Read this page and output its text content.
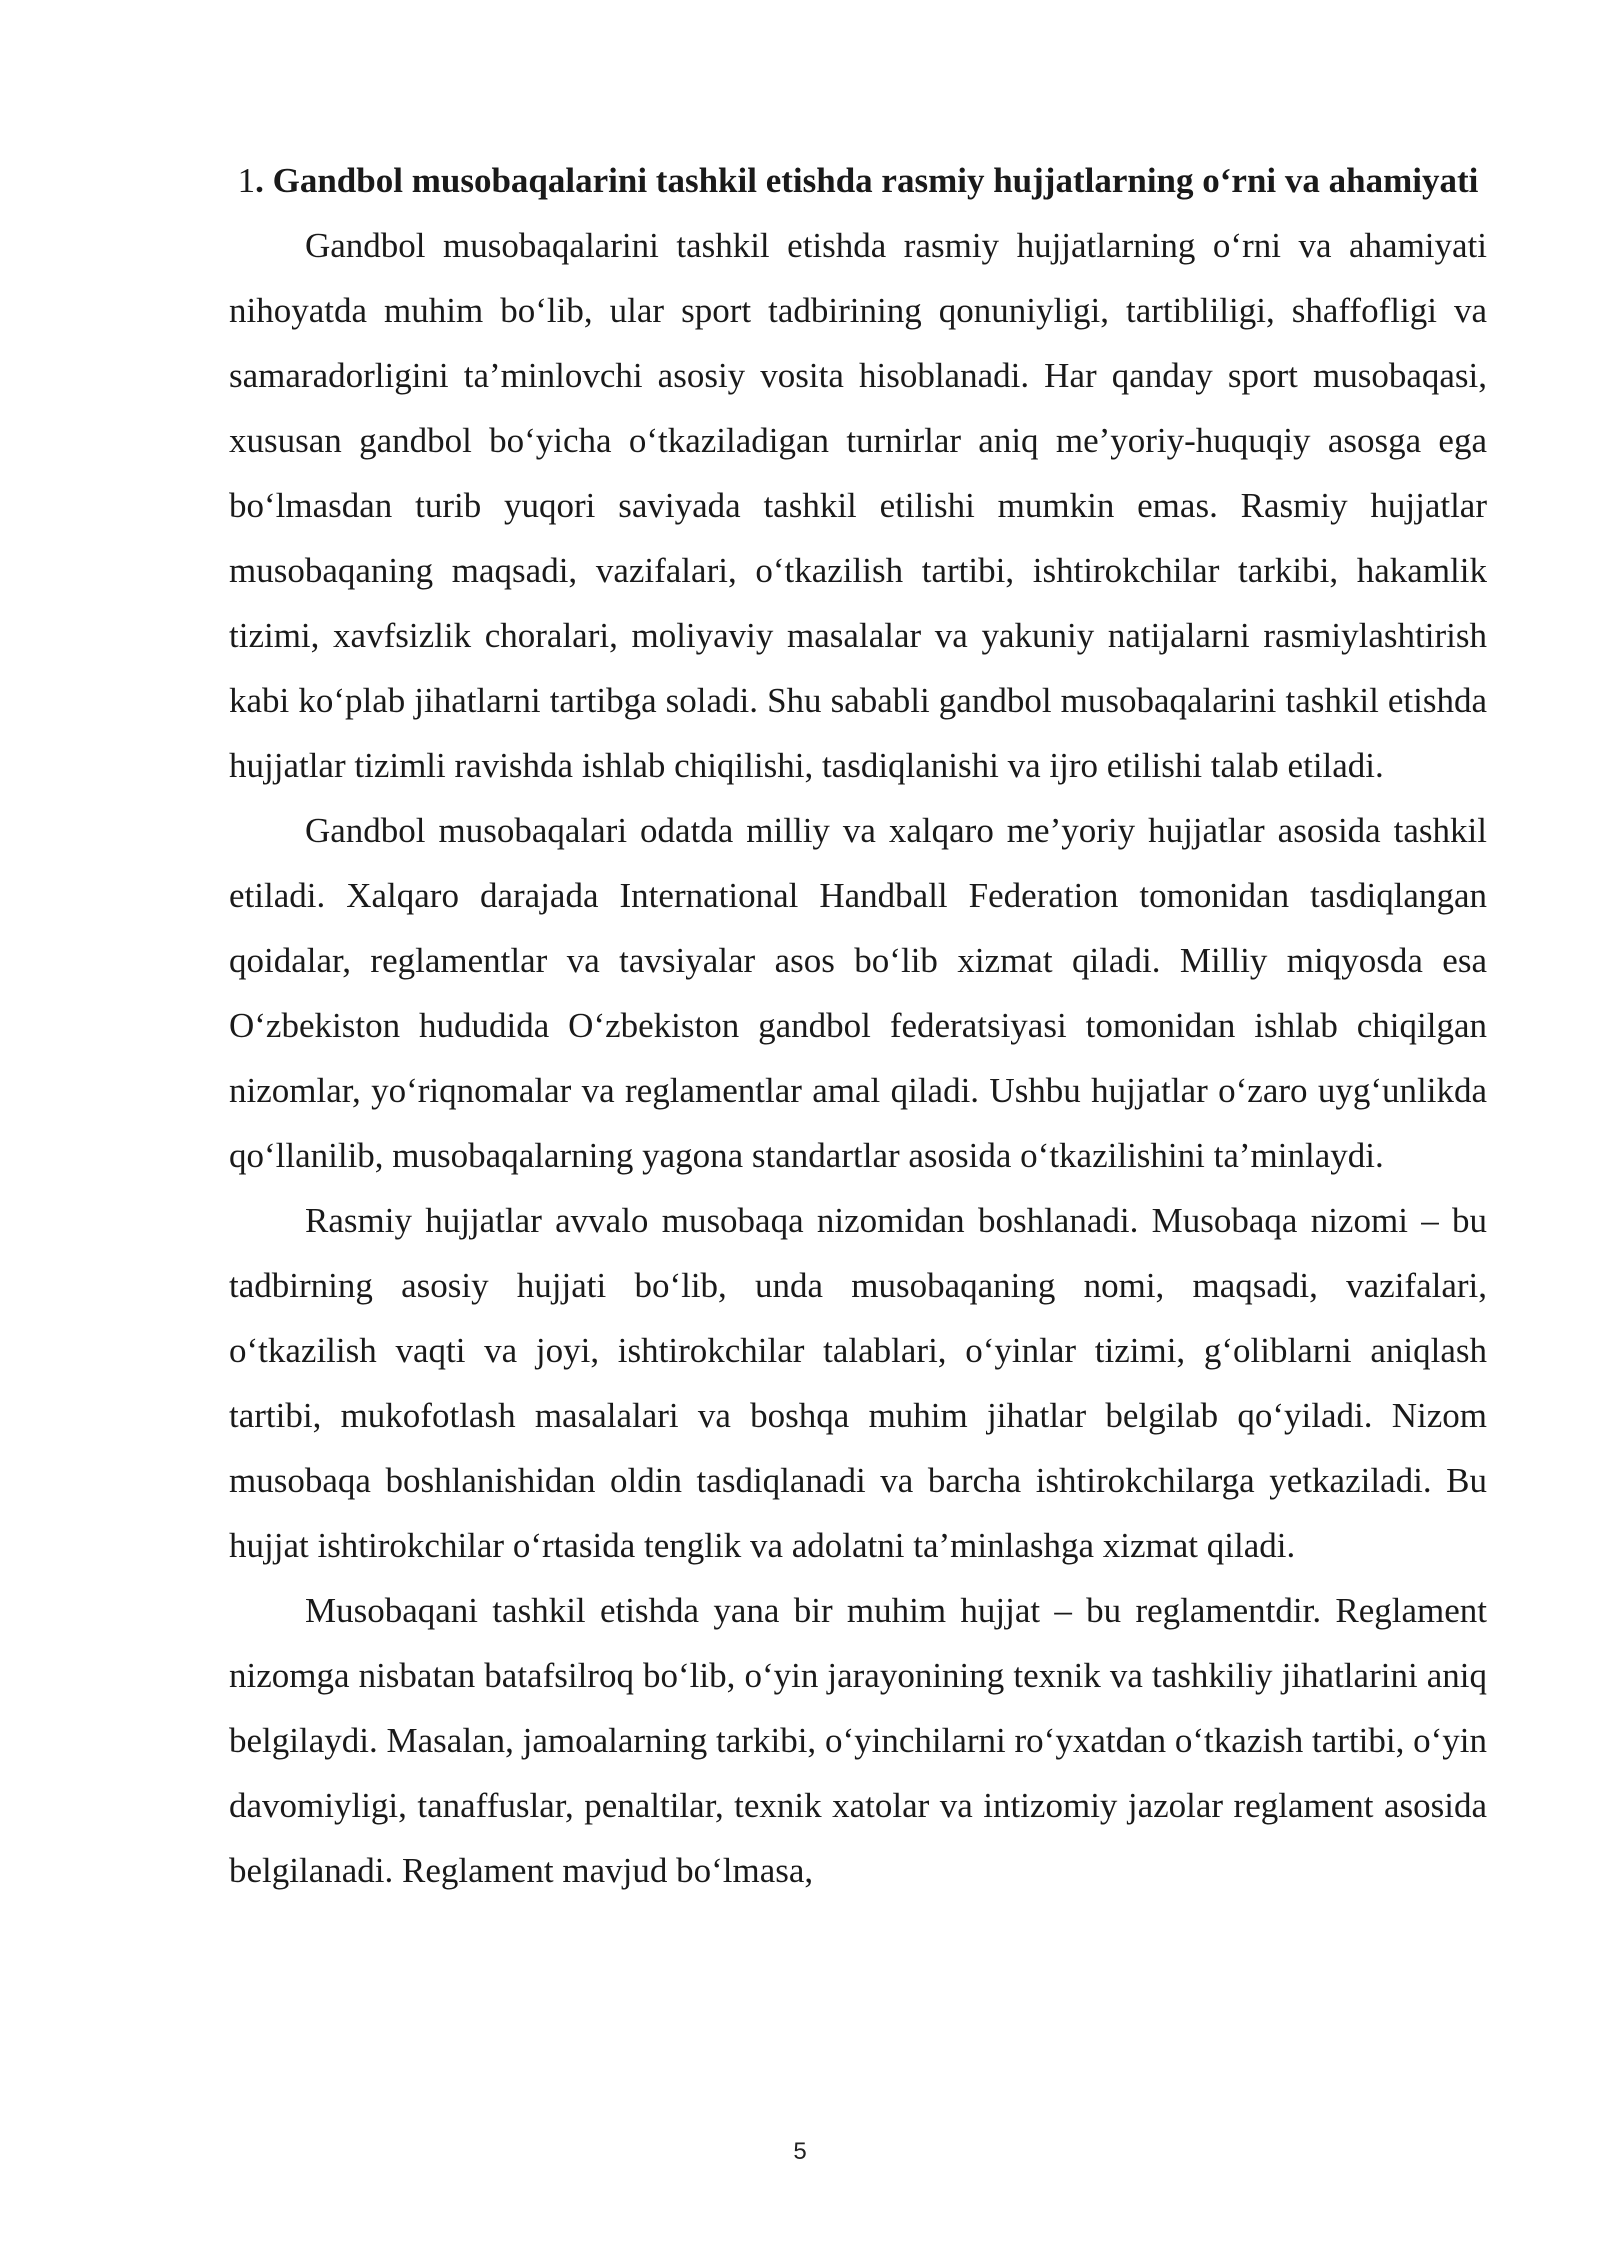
1. Gandbol musobaqalarini tashkil etishda rasmiy hujjatlarning o‘rni va ahamiyati

Gandbol musobaqalarini tashkil etishda rasmiy hujjatlarning o‘rni va ahamiyati nihoyatda muhim bo‘lib, ular sport tadbirining qonuniyligi, tartibliligi, shaffofligi va samaradorligini ta’minlovchi asosiy vosita hisoblanadi. Har qanday sport musobaqasi, xususan gandbol bo‘yicha o‘tkaziladigan turnirlar aniq me’yoriy-huquqiy asosga ega bo‘lmasdan turib yuqori saviyada tashkil etilishi mumkin emas. Rasmiy hujjatlar musobaqaning maqsadi, vazifalari, o‘tkazilish tartibi, ishtirokchilar tarkibi, hakamlik tizimi, xavfsizlik choralari, moliyaviy masalalar va yakuniy natijalarni rasmiylashtirish kabi ko‘plab jihatlarni tartibga soladi. Shu sababli gandbol musobaqalarini tashkil etishda hujjatlar tizimli ravishda ishlab chiqilishi, tasdiqlanishi va ijro etilishi talab etiladi.

Gandbol musobaqalari odatda milliy va xalqaro me’yoriy hujjatlar asosida tashkil etiladi. Xalqaro darajada International Handball Federation tomonidan tasdiqlangan qoidalar, reglamentlar va tavsiyalar asos bo‘lib xizmat qiladi. Milliy miqyosda esa O‘zbekiston hududida O‘zbekiston gandbol federatsiyasi tomonidan ishlab chiqilgan nizomlar, yo‘riqnomalar va reglamentlar amal qiladi. Ushbu hujjatlar o‘zaro uyg‘unlikda qo‘llanilib, musobaqalarning yagona standartlar asosida o‘tkazilishini ta’minlaydi.

Rasmiy hujjatlar avvalo musobaqa nizomidan boshlanadi. Musobaqa nizomi – bu tadbirning asosiy hujjati bo‘lib, unda musobaqaning nomi, maqsadi, vazifalari, o‘tkazilish vaqti va joyi, ishtirokchilar talablari, o‘yinlar tizimi, g‘oliblarni aniqlash tartibi, mukofotlash masalalari va boshqa muhim jihatlar belgilab qo‘yiladi. Nizom musobaqa boshlanishidan oldin tasdiqlanadi va barcha ishtirokchilarga yetkaziladi. Bu hujjat ishtirokchilar o‘rtasida tenglik va adolatni ta’minlashga xizmat qiladi.

Musobaqani tashkil etishda yana bir muhim hujjat – bu reglamentdir. Reglament nizomga nisbatan batafsilroq bo‘lib, o‘yin jarayonining texnik va tashkiliy jihatlarini aniq belgilaydi. Masalan, jamoalarning tarkibi, o‘yinchilarni ro‘yxatdan o‘tkazish tartibi, o‘yin davomiyligi, tanaffuslar, penaltilar, texnik xatolar va intizomiy jazolar reglament asosida belgilanadi. Reglament mavjud bo‘lmasa,

5
